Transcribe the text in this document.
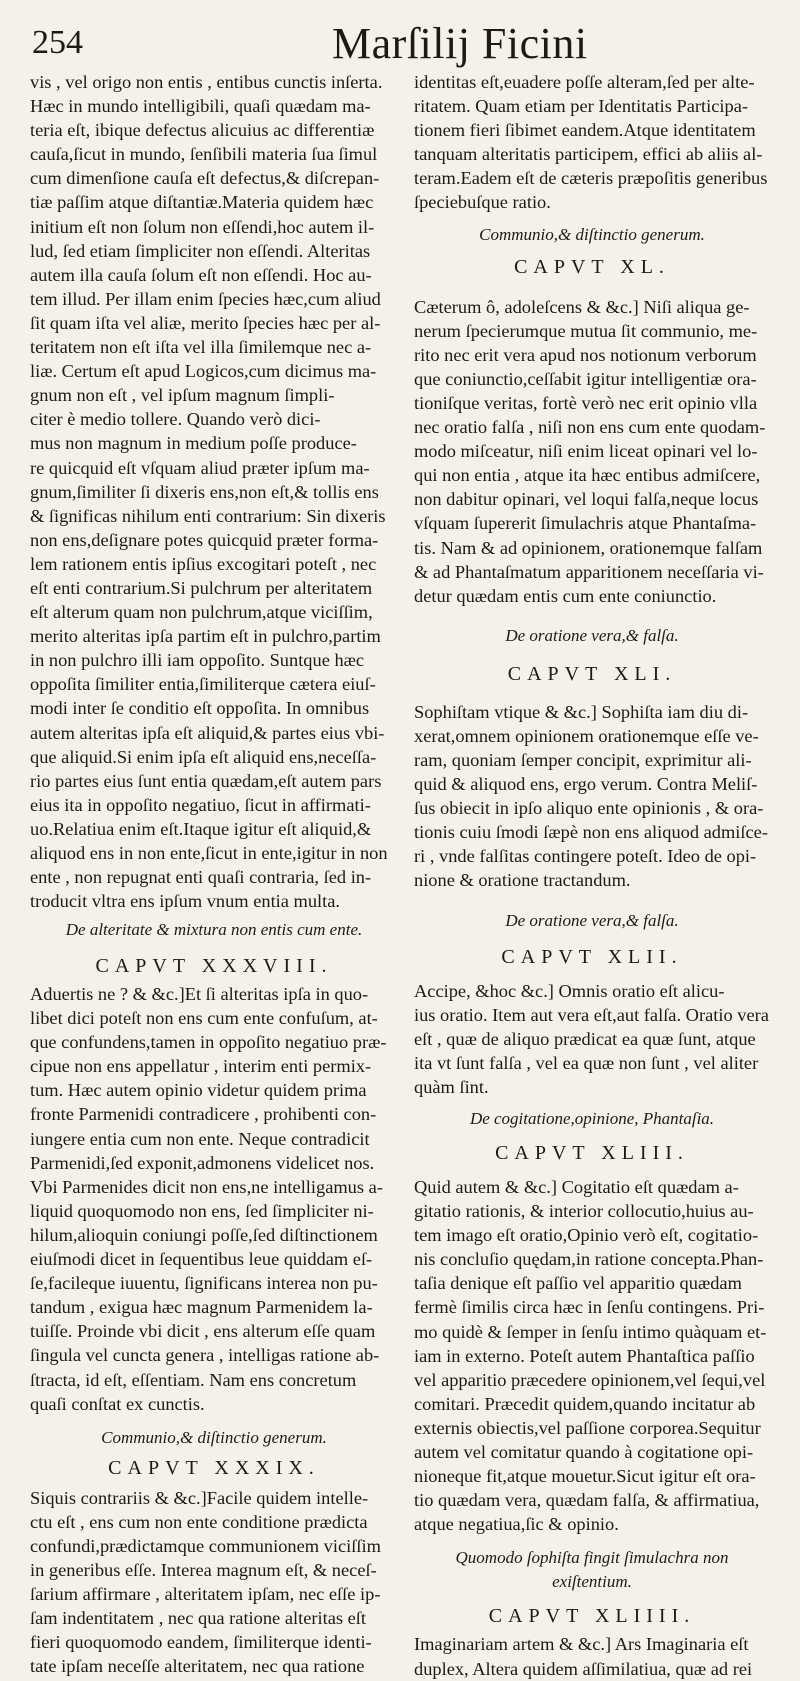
254	Marſilij Ficini

vis , vel origo non entis , entibus cunctis inſerta.
Hæc in mundo intelligibili, quaſi quædam ma-
teria eſt, ibique defectus alicuius ac differentiæ
cauſa,ſicut in mundo, ſenſibili materia ſua ſimul
cum dimenſione cauſa eſt defectus,& diſcrepan-
tiæ paſſim atque diſtantiæ.Materia quidem hæc
initium eſt non ſolum non eſſendi,hoc autem il-
lud, ſed etiam ſimpliciter non eſſendi. Alteritas
autem illa cauſa ſolum eſt non eſſendi. Hoc au-
tem illud. Per illam enim ſpecies hæc,cum aliud
ſit quam iſta vel aliæ, merito ſpecies hæc per al-
teritatem non eſt iſta vel illa ſimilemque nec a-
liæ. Certum eſt apud Logicos,cum dicimus ma-
gnum non eſt , vel ipſum magnum ſimpli-
citer è medio tollere. Quando verò dici-
mus non magnum in medium poſſe produce-
re quicquid eſt vſquam aliud præter ipſum ma-
gnum,ſimiliter ſi dixeris ens,non eſt,& tollis ens
& ſignificas nihilum enti contrarium: Sin dixeris
non ens,deſignare potes quicquid præter forma-
lem rationem entis ipſius excogitari poteſt , nec
eſt enti contrarium.Si pulchrum per alteritatem
eſt alterum quam non pulchrum,atque viciſſim,
merito alteritas ipſa partim eſt in pulchro,partim
in non pulchro illi iam oppoſito. Suntque hæc
oppoſita ſimiliter entia,ſimiliterque cætera eiuſ-
modi inter ſe conditio eſt oppoſita. In omnibus
autem alteritas ipſa eſt aliquid,& partes eius vbi-
que aliquid.Si enim ipſa eſt aliquid ens,neceſſa-
rio partes eius ſunt entia quædam,eſt autem pars
eius ita in oppoſito negatiuo, ſicut in affirmati-
uo.Relatiua enim eſt.Itaque igitur eſt aliquid,&
aliquod ens in non ente,ſicut in ente,igitur in non
ente , non repugnat enti quaſi contraria, ſed in-
troducit vltra ens ipſum vnum entia multa.

De alteritate & mixtura non entis cum ente.

CAPVT XXXVIII.

Aduertis ne ? & &c.]Et ſi alteritas ipſa in quo-
libet dici poteſt non ens cum ente confuſum, at-
que confundens,tamen in oppoſito negatiuo præ-
cipue non ens appellatur , interim enti permix-
tum. Hæc autem opinio videtur quidem prima
fronte Parmenidi contradicere , prohibenti con-
iungere entia cum non ente. Neque contradicit
Parmenidi,ſed exponit,admonens videlicet nos.
Vbi Parmenides dicit non ens,ne intelligamus a-
liquid quoquomodo non ens, ſed ſimpliciter ni-
hilum,alioquin coniungi poſſe,ſed diſtinctionem
eiuſmodi dicet in ſequentibus leue quiddam eſ-
ſe,facileque iuuentu, ſignificans interea non pu-
tandum , exigua hæc magnum Parmenidem la-
tuiſſe. Proinde vbi dicit , ens alterum eſſe quam
ſingula vel cuncta genera , intelligas ratione ab-
ſtracta, id eſt, eſſentiam. Nam ens concretum
quaſi conſtat ex cunctis.

Communio,& diſtinctio generum.

CAPVT XXXIX.

Siquis contrariis & &c.]Facile quidem intelle-
ctu eſt , ens cum non ente conditione prædicta
confundi,prædictamque communionem viciſſim
in generibus eſſe. Interea magnum eſt, & neceſ-
ſarium affirmare , alteritatem ipſam, nec eſſe ip-
ſam indentitatem , nec qua ratione alteritas eſt
fieri quoquomodo eandem, ſimiliterque identi-
tate ipſam neceſſe alteritatem, nec qua ratione

identitas eſt,euadere poſſe alteram,ſed per alte-
ritatem. Quam etiam per Identitatis Participa-
tionem fieri ſibimet eandem.Atque identitatem
tanquam alteritatis participem, effici ab aliis al-
teram.Eadem eſt de cæteris præpoſitis generibus
ſpeciebuſque ratio.

Communio,& diſtinctio generum.

CAPVT XL.

Cæterum ô, adoleſcens & &c.] Niſi aliqua ge-
nerum ſpecierumque mutua ſit communio, me-
rito nec erit vera apud nos notionum verborum
que coniunctio,ceſſabit igitur intelligentiæ ora-
tioniſque veritas, fortè verò nec erit opinio vlla
nec oratio falſa , niſi non ens cum ente quodam-
modo miſceatur, niſi enim liceat opinari vel lo-
qui non entia , atque ita hæc entibus admiſcere,
non dabitur opinari, vel loqui falſa,neque locus
vſquam ſupererit ſimulachris atque Phantaſma-
tis. Nam & ad opinionem, orationemque falſam
& ad Phantaſmatum apparitionem neceſſaria vi-
detur quædam entis cum ente coniunctio.

De oratione vera,& falſa.

CAPVT XLI.

Sophiſtam vtique & &c.] Sophiſta iam diu di-
xerat,omnem opinionem orationemque eſſe ve-
ram, quoniam ſemper concipit, exprimitur ali-
quid & aliquod ens, ergo verum. Contra Meliſ-
ſus obiecit in ipſo aliquo ente opinionis , & ora-
tionis cuiu ſmodi ſæpè non ens aliquod admiſce-
ri , vnde falſitas contingere poteſt. Ideo de opi-
nione & oratione tractandum.

De oratione vera,& falſa.

CAPVT XLII.

Accipe, &hoc &c.] Omnis oratio eſt alicu-
ius oratio. Item aut vera eſt,aut falſa. Oratio vera
eſt , quæ de aliquo prædicat ea quæ ſunt, atque
ita vt ſunt falſa , vel ea quæ non ſunt , vel aliter
quàm ſint.

De cogitatione,opinione, Phantaſia.

CAPVT XLIII.

Quid autem & &c.] Cogitatio eſt quædam a-
gitatio rationis, & interior collocutio,huius au-
tem imago eſt oratio,Opinio verò eſt, cogitatio-
nis concluſio quędam,in ratione concepta.Phan-
taſia denique eſt paſſio vel apparitio quædam
fermè ſimilis circa hæc in ſenſu contingens. Pri-
mo quidè & ſemper in ſenſu intimo quàquam et-
iam in externo. Poteſt autem Phantaſtica paſſio
vel apparitio præcedere opinionem,vel ſequi,vel
comitari. Præcedit quidem,quando incitatur ab
externis obiectis,vel paſſione corporea.Sequitur
autem vel comitatur quando à cogitatione opi-
nioneque fit,atque mouetur.Sicut igitur eſt ora-
tio quædam vera, quædam falſa, & affirmatiua,
atque negatiua,ſic & opinio.

Quomodo ſophiſta fingit ſimulachra non exiſtentium.

CAPVT XLIIII.

Imaginariam artem & &c.] Ars Imaginaria eſt
duplex, Altera quidem aſſimilatiua, quæ ad rei
